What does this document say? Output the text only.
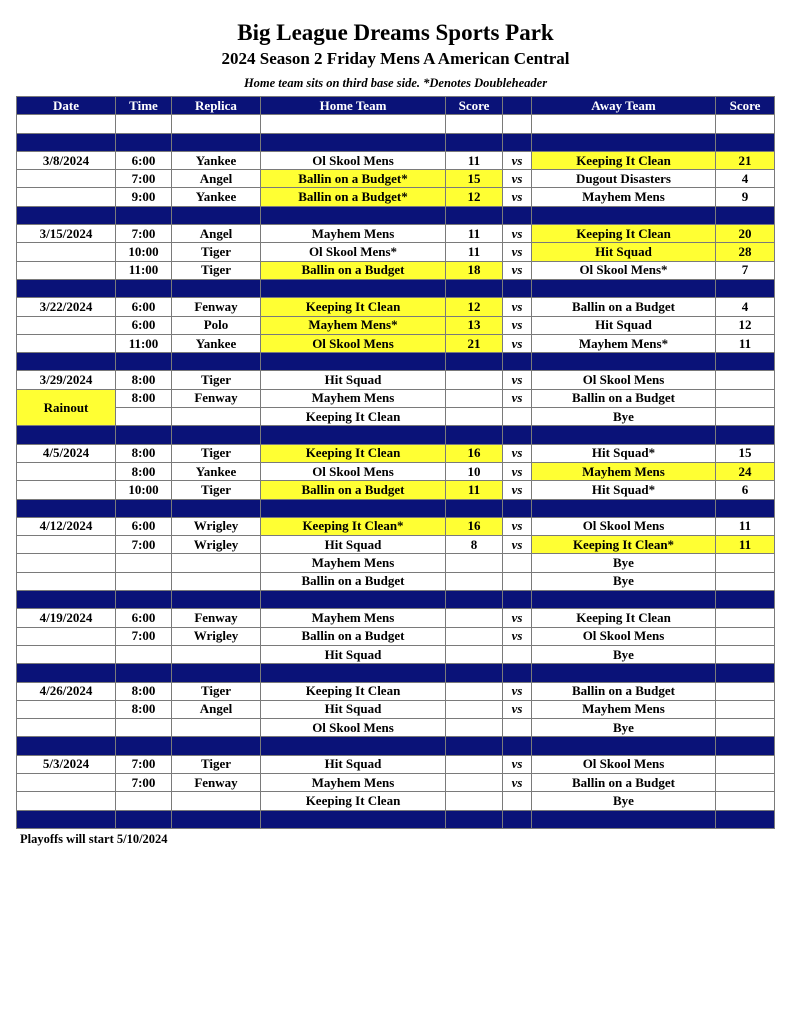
Big League Dreams Sports Park
2024 Season 2 Friday Mens A American Central
Home team sits on third base side. *Denotes Doubleheader
Date	Time	Replica	Home Team	Score		Away Team	Score

3/8/2024	6:00	Yankee	Ol Skool Mens	11	vs	Keeping It Clean	21
	7:00	Angel	Ballin on a Budget*	15	vs	Dugout Disasters	4
	9:00	Yankee	Ballin on a Budget*	12	vs	Mayhem Mens	9

3/15/2024	7:00	Angel	Mayhem Mens	11	vs	Keeping It Clean	20
	10:00	Tiger	Ol Skool Mens*	11	vs	Hit Squad	28
	11:00	Tiger	Ballin on a Budget	18	vs	Ol Skool Mens*	7

3/22/2024	6:00	Fenway	Keeping It Clean	12	vs	Ballin on a Budget	4
	6:00	Polo	Mayhem Mens*	13	vs	Hit Squad	12
	11:00	Yankee	Ol Skool Mens	21	vs	Mayhem Mens*	11

3/29/2024	8:00	Tiger	Hit Squad		vs	Ol Skool Mens	
Rainout	8:00	Fenway	Mayhem Mens		vs	Ballin on a Budget	
			Keeping It Clean			Bye	

4/5/2024	8:00	Tiger	Keeping It Clean	16	vs	Hit Squad*	15
	8:00	Yankee	Ol Skool Mens	10	vs	Mayhem Mens	24
	10:00	Tiger	Ballin on a Budget	11	vs	Hit Squad*	6

4/12/2024	6:00	Wrigley	Keeping It Clean*	16	vs	Ol Skool Mens	11
	7:00	Wrigley	Hit Squad	8	vs	Keeping It Clean*	11
			Mayhem Mens			Bye	
			Ballin on a Budget			Bye	

4/19/2024	6:00	Fenway	Mayhem Mens		vs	Keeping It Clean	
	7:00	Wrigley	Ballin on a Budget		vs	Ol Skool Mens	
			Hit Squad			Bye	

4/26/2024	8:00	Tiger	Keeping It Clean		vs	Ballin on a Budget	
	8:00	Angel	Hit Squad		vs	Mayhem Mens	
			Ol Skool Mens			Bye	

5/3/2024	7:00	Tiger	Hit Squad		vs	Ol Skool Mens	
	7:00	Fenway	Mayhem Mens		vs	Ballin on a Budget	
			Keeping It Clean			Bye	

Playoffs will start 5/10/2024
